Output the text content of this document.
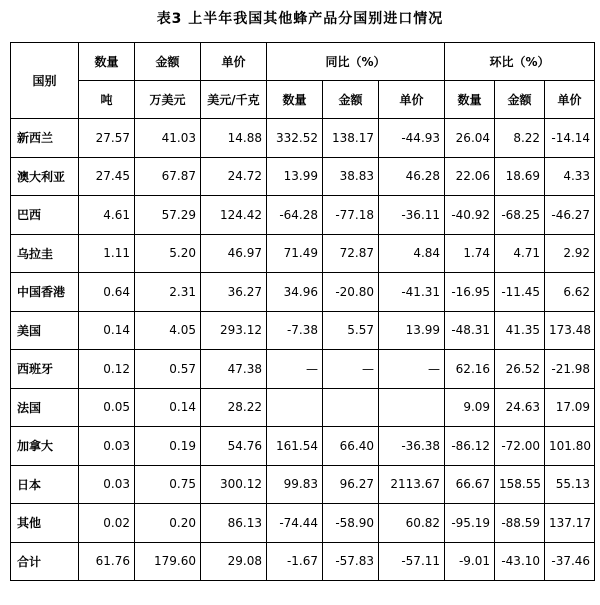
表3 上半年我国其他蜂产品分国别进口情况
国别	数量	金额	单价	同比（%）			环比（%）		
	吨	万美元	美元/千克	数量	金额	单价	数量	金额	单价
新西兰	27.57	41.03	14.88	332.52	138.17	-44.93	26.04	8.22	-14.14
澳大利亚	27.45	67.87	24.72	13.99	38.83	46.28	22.06	18.69	4.33
巴西	4.61	57.29	124.42	-64.28	-77.18	-36.11	-40.92	-68.25	-46.27
乌拉圭	1.11	5.20	46.97	71.49	72.87	4.84	1.74	4.71	2.92
中国香港	0.64	2.31	36.27	34.96	-20.80	-41.31	-16.95	-11.45	6.62
美国	0.14	4.05	293.12	-7.38	5.57	13.99	-48.31	41.35	173.48
西班牙	0.12	0.57	47.38	—	—	—	62.16	26.52	-21.98
法国	0.05	0.14	28.22				9.09	24.63	17.09
加拿大	0.03	0.19	54.76	161.54	66.40	-36.38	-86.12	-72.00	101.80
日本	0.03	0.75	300.12	99.83	96.27	2113.67	66.67	158.55	55.13
其他	0.02	0.20	86.13	-74.44	-58.90	60.82	-95.19	-88.59	137.17
合计	61.76	179.60	29.08	-1.67	-57.83	-57.11	-9.01	-43.10	-37.46
